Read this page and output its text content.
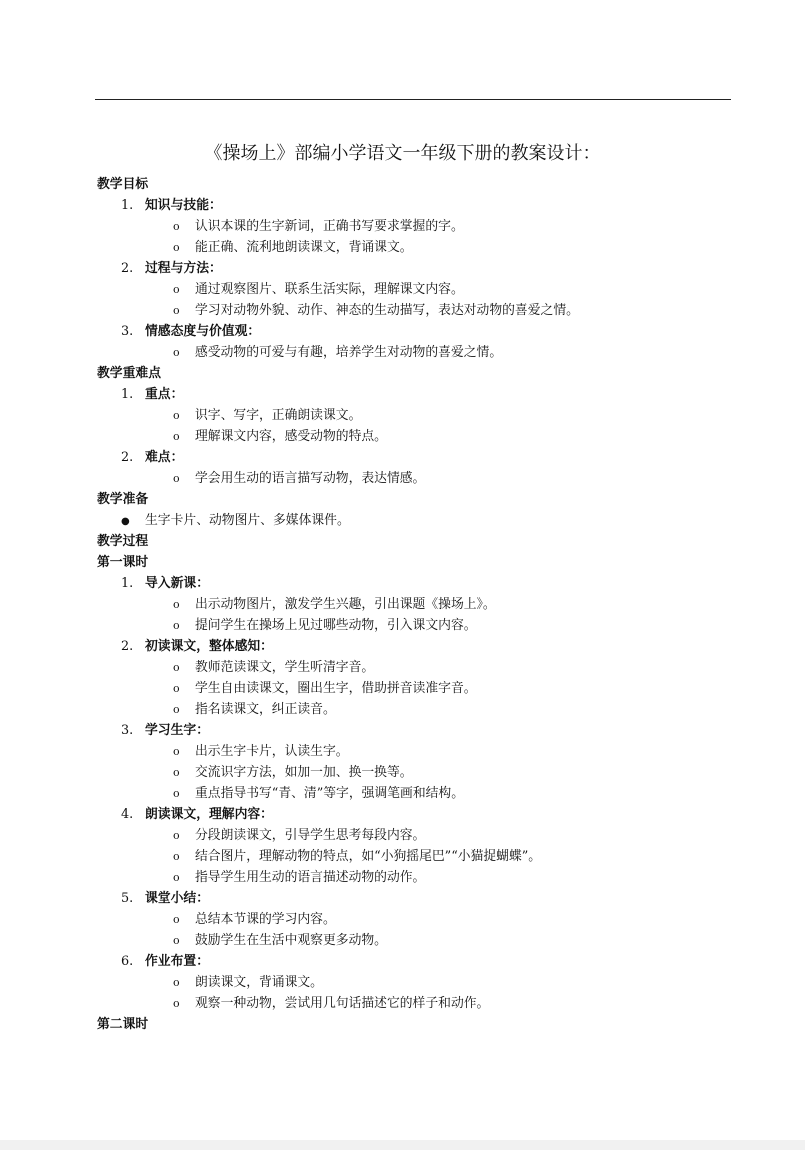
《操场上》部编小学语文一年级下册的教案设计：
教学目标
1. 知识与技能：
o 认识本课的生字新词，正确书写要求掌握的字。
o 能正确、流利地朗读课文，背诵课文。
2. 过程与方法：
o 通过观察图片、联系生活实际，理解课文内容。
o 学习对动物外貌、动作、神态的生动描写，表达对动物的喜爱之情。
3. 情感态度与价值观：
o 感受动物的可爱与有趣，培养学生对动物的喜爱之情。
教学重难点
1. 重点：
o 识字、写字，正确朗读课文。
o 理解课文内容，感受动物的特点。
2. 难点：
o 学会用生动的语言描写动物，表达情感。
教学准备
● 生字卡片、动物图片、多媒体课件。
教学过程
第一课时
1. 导入新课：
o 出示动物图片，激发学生兴趣，引出课题《操场上》。
o 提问学生在操场上见过哪些动物，引入课文内容。
2. 初读课文，整体感知：
o 教师范读课文，学生听清字音。
o 学生自由读课文，圈出生字，借助拼音读准字音。
o 指名读课文，纠正读音。
3. 学习生字：
o 出示生字卡片，认读生字。
o 交流识字方法，如加一加、换一换等。
o 重点指导书写“青、清”等字，强调笔画和结构。
4. 朗读课文，理解内容：
o 分段朗读课文，引导学生思考每段内容。
o 结合图片，理解动物的特点，如“小狗摇尾巴”“小猫捉蝴蝶”。
o 指导学生用生动的语言描述动物的动作。
5. 课堂小结：
o 总结本节课的学习内容。
o 鼓励学生在生活中观察更多动物。
6. 作业布置：
o 朗读课文，背诵课文。
o 观察一种动物，尝试用几句话描述它的样子和动作。
第二课时
